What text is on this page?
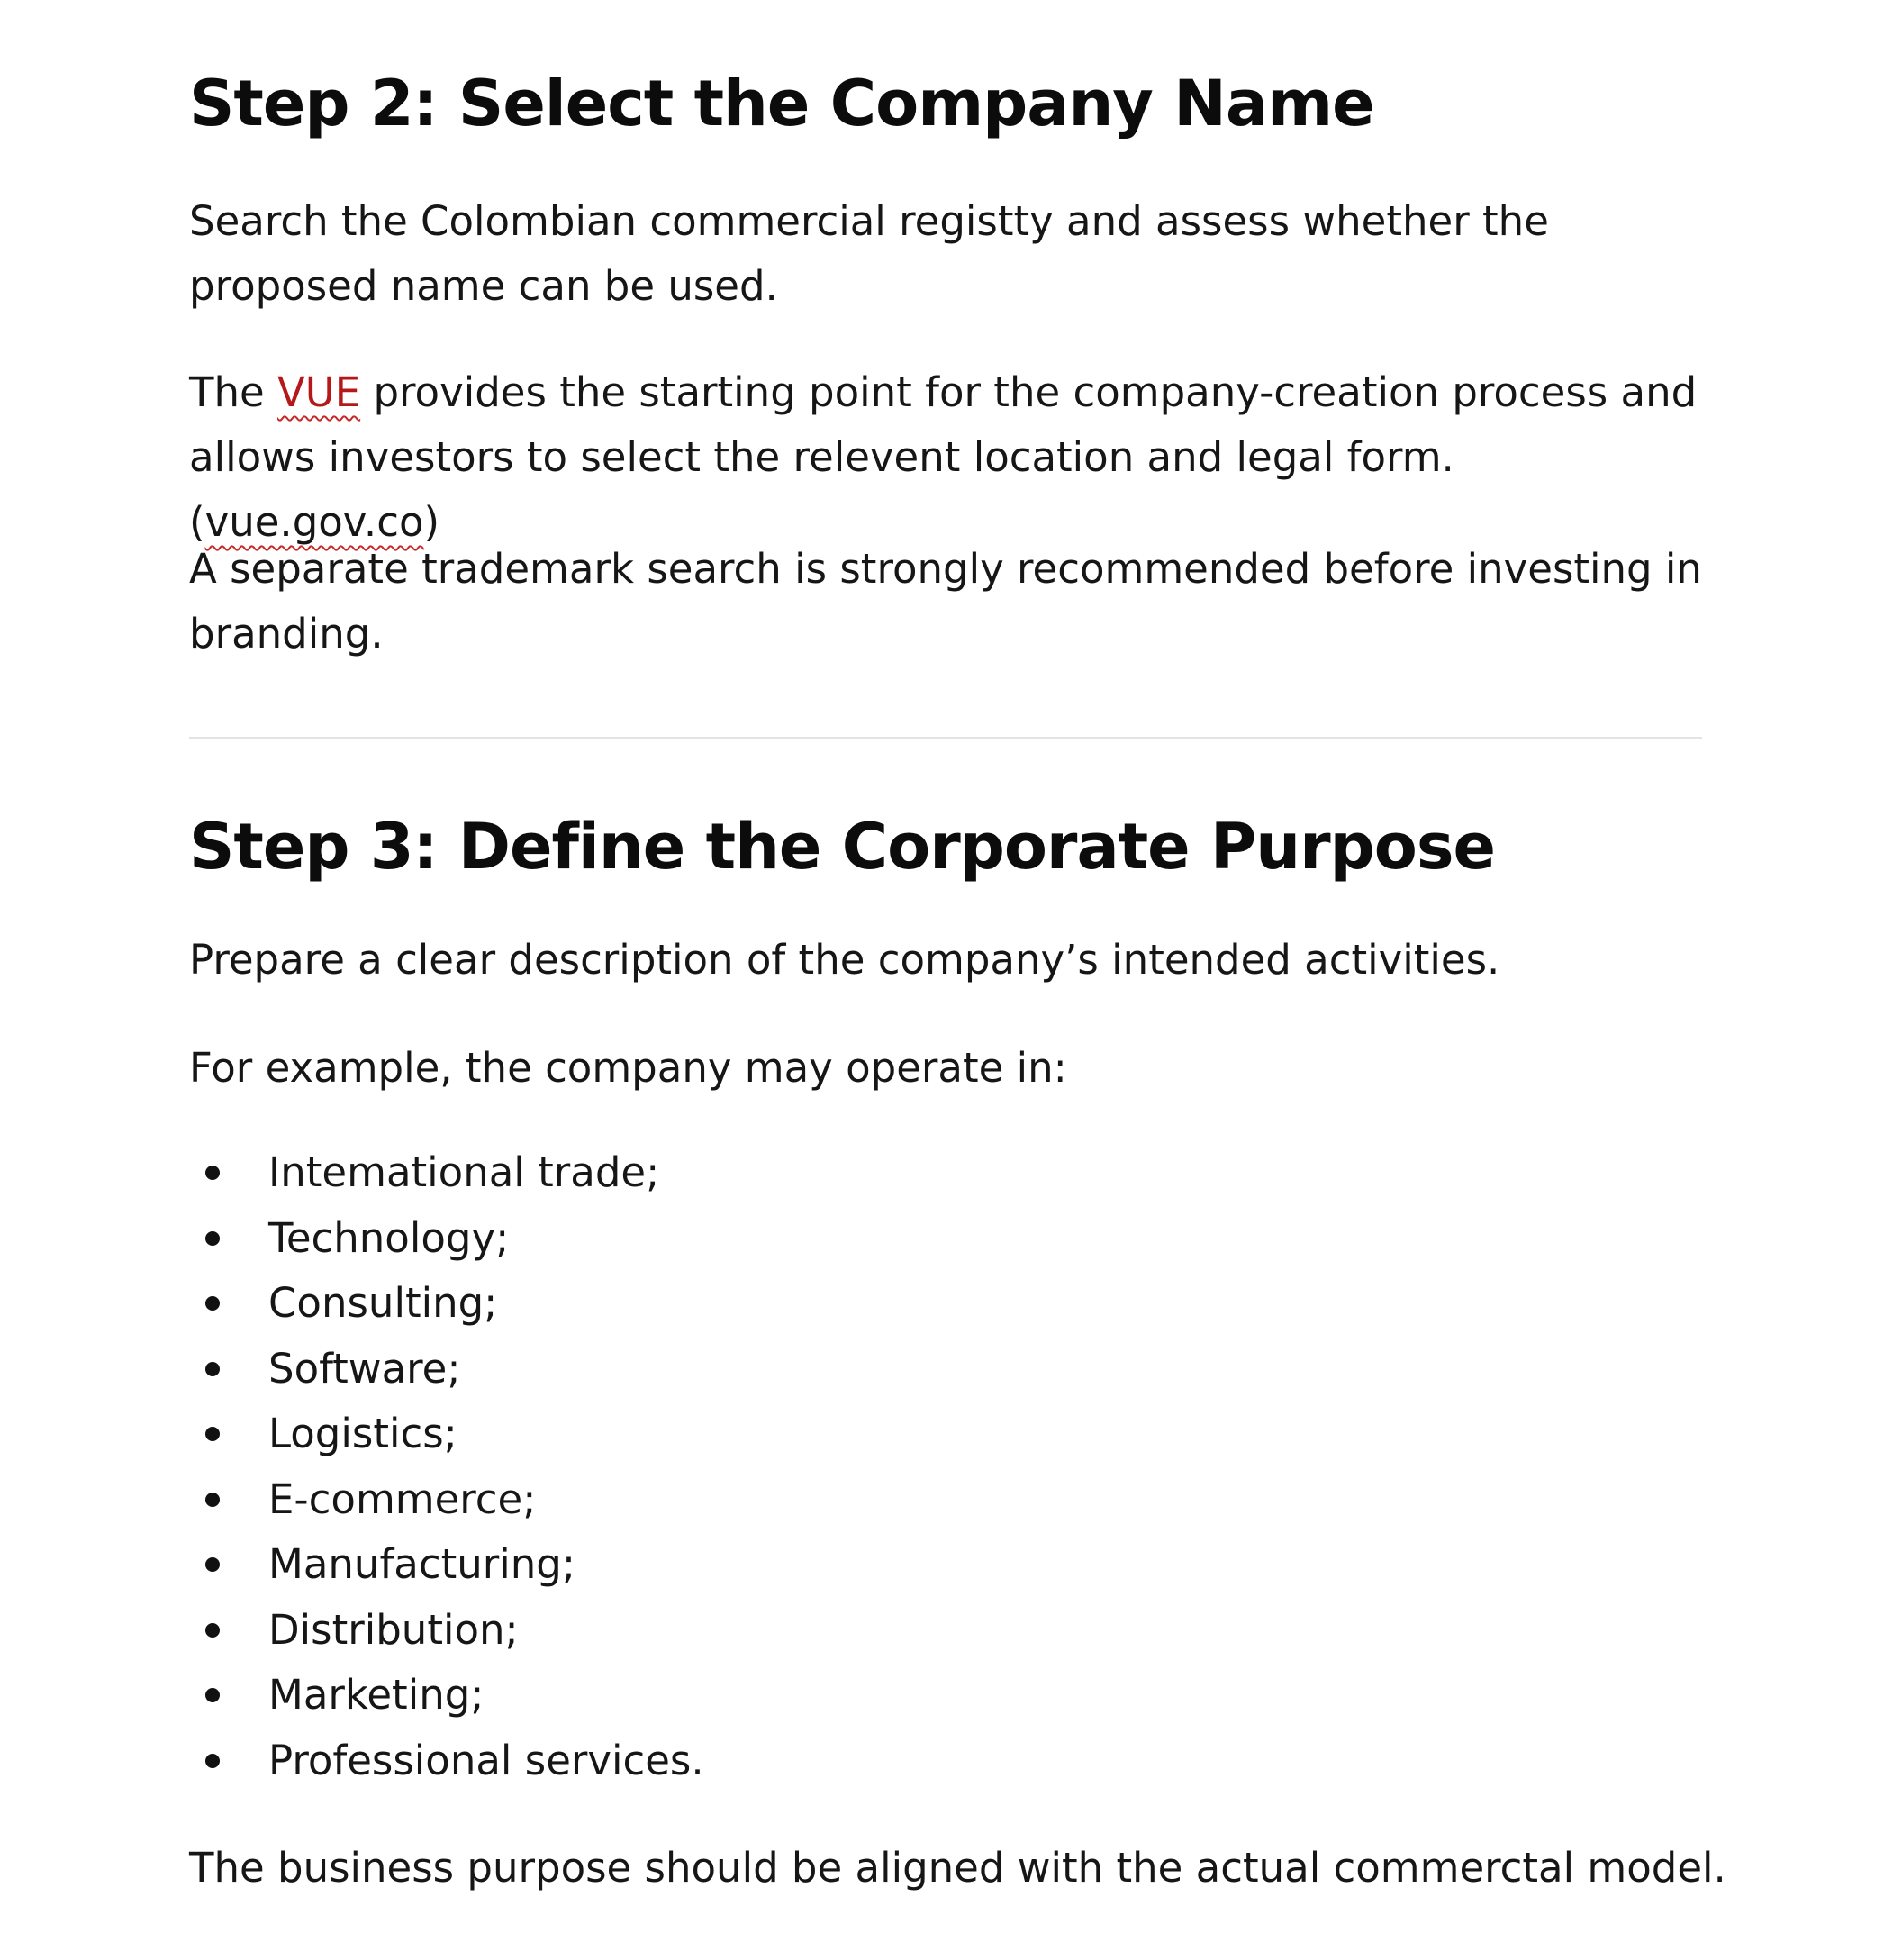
Step 2: Select the Company Name

Search the Colombian commercial registty and assess whether the proposed name can be used.

The VUE provides the starting point for the company-creation process and allows investors to select the relevent location and legal form. (vue.gov.co)

A separate trademark search is strongly recommended before investing in branding.

Step 3: Define the Corporate Purpose

Prepare a clear description of the company’s intended activities.

For example, the company may operate in:

Intemational trade;
Technology;
Consulting;
Software;
Logistics;
E-commerce;
Manufacturing;
Distribution;
Marketing;
Professional services.

The business purpose should be aligned with the actual commerctal model.
